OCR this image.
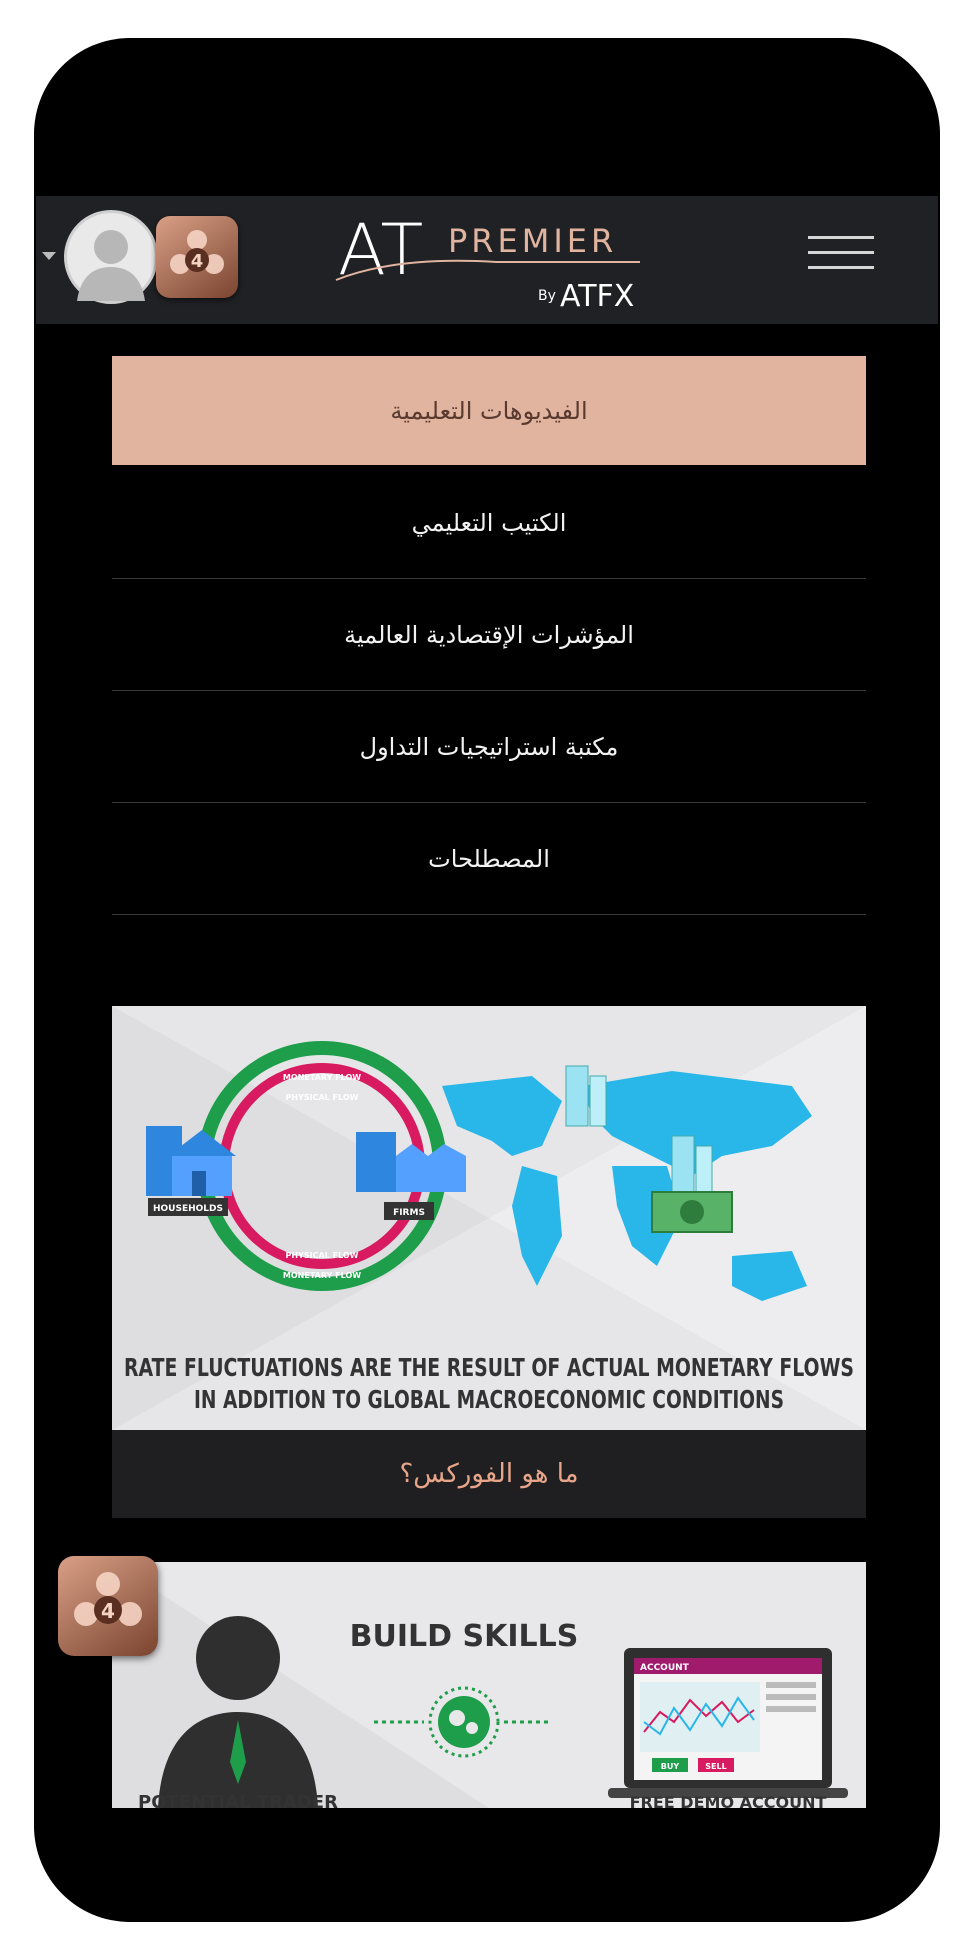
4 AT PREMIER
By ATFX
الفيديوهات التعليمية
الكتيب التعليمي
المؤشرات الإقتصادية العالمية
مكتبة استراتيجيات التداول
المصطلحات
MONETARY FLOW
PHYSICAL FLOW
PHYSICAL FLOW
MONETARY FLOW
HOUSEHOLDS	FIRMS
RATE FLUCTUATIONS ARE THE RESULT OF ACTUAL MONETARY FLOWS
IN ADDITION TO GLOBAL MACROECONOMIC CONDITIONS
ما هو الفوركس؟
POTENTIAL TRADER
BUILD SKILLS
ACCOUNT
BUY	SELL
FREE DEMO ACCOUNT
4
